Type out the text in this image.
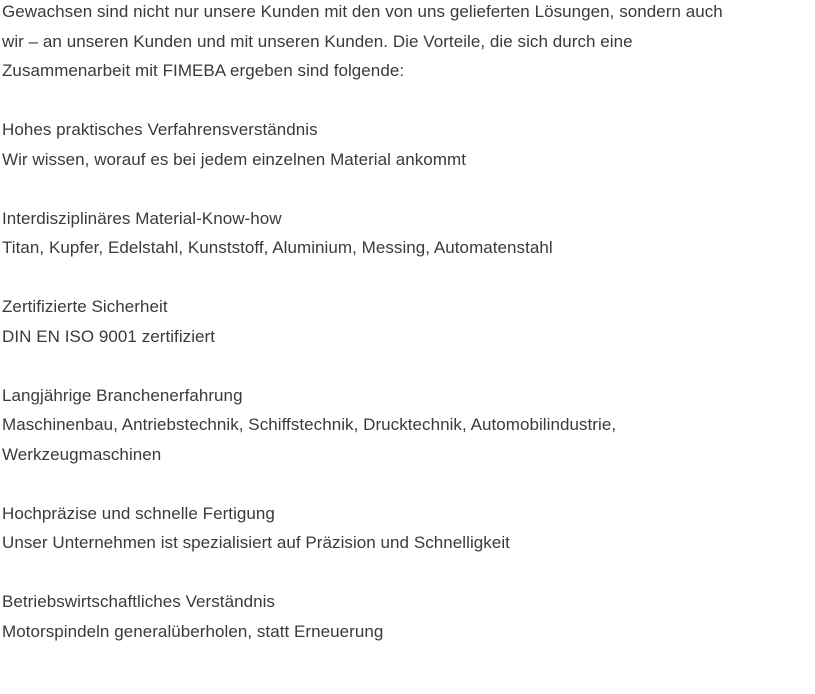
Gewachsen sind nicht nur unsere Kunden mit den von uns gelieferten Lösungen, sondern auch
wir – an unseren Kunden und mit unseren Kunden. Die Vorteile, die sich durch eine
Zusammenarbeit mit FIMEBA ergeben sind folgende:

Hohes praktisches Verfahrensverständnis
Wir wissen, worauf es bei jedem einzelnen Material ankommt

Interdisziplinäres Material-Know-how
Titan, Kupfer, Edelstahl, Kunststoff, Aluminium, Messing, Automatenstahl

Zertifizierte Sicherheit
DIN EN ISO 9001 zertifiziert

Langjährige Branchenerfahrung
Maschinenbau, Antriebstechnik, Schiffstechnik, Drucktechnik, Automobilindustrie,
Werkzeugmaschinen

Hochpräzise und schnelle Fertigung
Unser Unternehmen ist spezialisiert auf Präzision und Schnelligkeit

Betriebswirtschaftliches Verständnis
Motorspindeln generalüberholen, statt Erneuerung
